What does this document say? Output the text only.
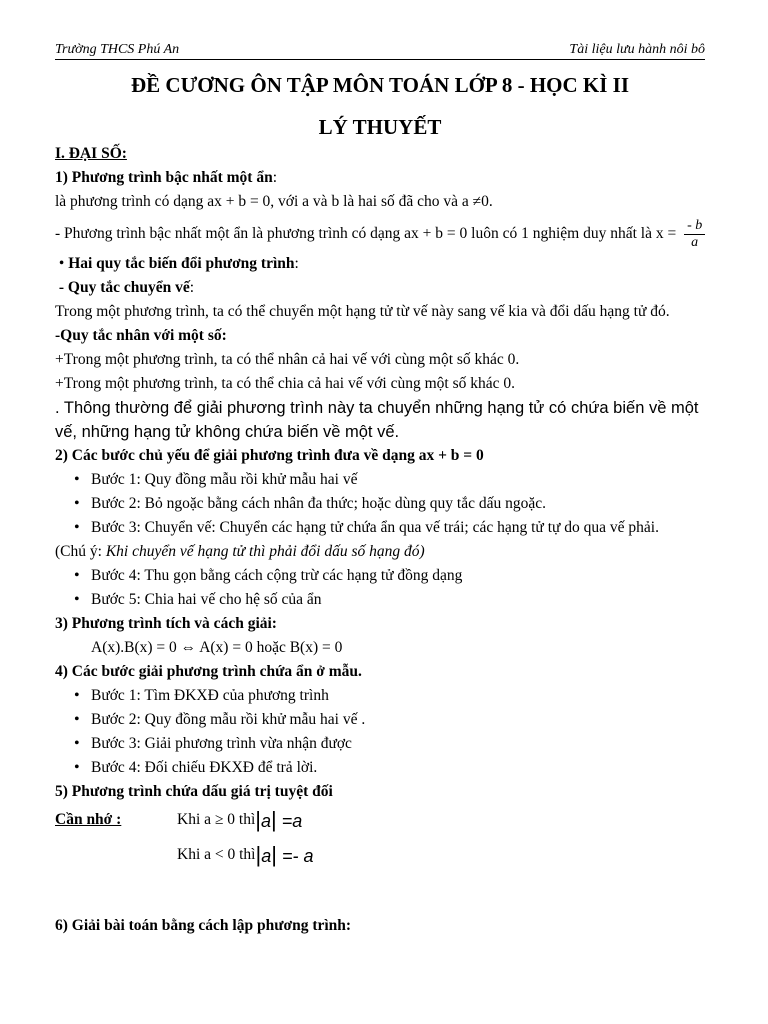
Trường THCS Phú An	Tài liệu lưu hành nôi bô
ĐỀ CƯƠNG ÔN TẬP MÔN TOÁN LỚP 8 - HỌC KÌ II
LÝ THUYẾT
I. ĐẠI SỐ:
1) Phương trình bậc nhất một ẩn:
là phương trình có dạng ax + b = 0, với a và b là hai số đã cho và a ≠0.
- Phương trình bậc nhất một ẩn là phương trình có dạng ax + b = 0 luôn có 1 nghiệm duy nhất là $x = \frac{- b}{a}$
• Hai quy tắc biến đổi phương trình:
- Quy tắc chuyển vế:
Trong một phương trình, ta có thể chuyển một hạng tử từ vế này sang vế kia và đổi dấu hạng tử đó.
-Quy tắc nhân với một số:
+Trong một phương trình, ta có thể nhân cả hai vế với cùng một số khác 0.
+Trong một phương trình, ta có thể chia cả hai vế với cùng một số khác 0.
. Thông thường để giải phương trình này ta chuyển những hạng tử có chứa biến về một vế, những hạng tử không chứa biến về một vế.
2) Các bước chủ yếu để giải phương trình đưa về dạng ax + b = 0
• Bước 1: Quy đồng mẫu rồi khử mẫu hai vế
• Bước 2: Bỏ ngoặc bằng cách nhân đa thức; hoặc dùng quy tắc dấu ngoặc.
• Bước 3: Chuyển vế: Chuyển các hạng tử chứa ẩn qua vế trái; các hạng tử tự do qua vế phải.
(Chú ý: Khi chuyển vế hạng tử thì phải đổi dấu số hạng đó)
• Bước 4: Thu gọn bằng cách cộng trừ các hạng tử đồng dạng
• Bước 5: Chia hai vế cho hệ số của ẩn
3) Phương trình tích và cách giải:
A(x).B(x) = 0 ⇔ A(x) = 0 hoặc B(x) = 0
4) Các bước giải phương trình chứa ẩn ở mẫu.
• Bước 1: Tìm ĐKXĐ của phương trình
• Bước 2: Quy đồng mẫu rồi khử mẫu hai vế .
• Bước 3: Giải phương trình vừa nhận được
• Bước 4: Đối chiếu ĐKXĐ để trả lời.
5) Phương trình chứa dấu giá trị tuyệt đối
Cần nhớ :	Khi a ≥ 0 thì |a| =a
Khi a < 0 thì |a| =- a
6) Giải bài toán bằng cách lập phương trình:
